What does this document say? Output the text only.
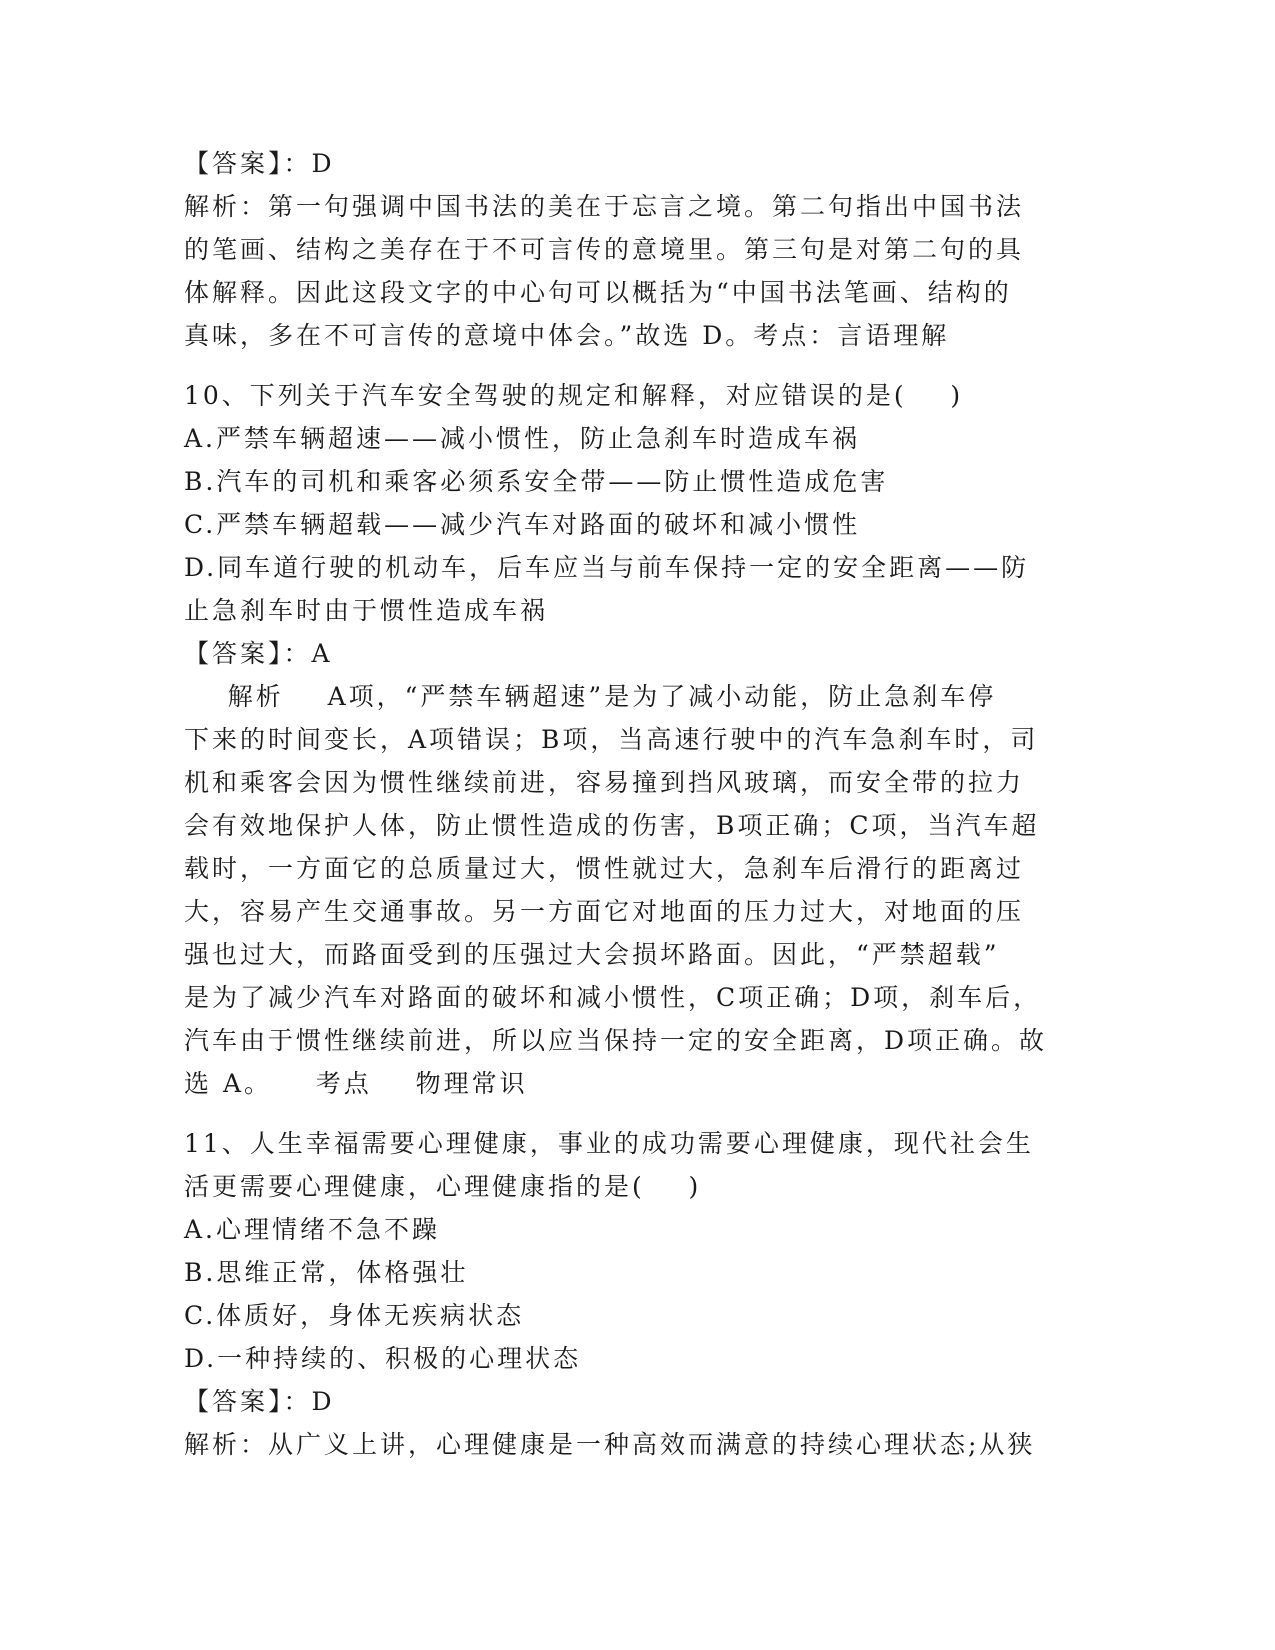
【答案】：D
解析：第一句强调中国书法的美在于忘言之境。第二句指出中国书法
的笔画、结构之美存在于不可言传的意境里。第三句是对第二句的具
体解释。因此这段文字的中心句可以概括为“中国书法笔画、结构的
真味，多在不可言传的意境中体会。”故选 D。考点：言语理解
10、下列关于汽车安全驾驶的规定和解释，对应错误的是(    )
A.严禁车辆超速——减小惯性，防止急刹车时造成车祸
B.汽车的司机和乘客必须系安全带——防止惯性造成危害
C.严禁车辆超载——减少汽车对路面的破坏和减小惯性
D.同车道行驶的机动车，后车应当与前车保持一定的安全距离——防
止急刹车时由于惯性造成车祸
【答案】：A
解析    A项，“严禁车辆超速”是为了减小动能，防止急刹车停
下来的时间变长，A项错误；B项，当高速行驶中的汽车急刹车时，司
机和乘客会因为惯性继续前进，容易撞到挡风玻璃，而安全带的拉力
会有效地保护人体，防止惯性造成的伤害，B项正确；C项，当汽车超
载时，一方面它的总质量过大，惯性就过大，急刹车后滑行的距离过
大，容易产生交通事故。另一方面它对地面的压力过大，对地面的压
强也过大，而路面受到的压强过大会损坏路面。因此，“严禁超载”
是为了减少汽车对路面的破坏和减小惯性，C项正确；D项，刹车后，
汽车由于惯性继续前进，所以应当保持一定的安全距离，D项正确。故
选 A。    考点    物理常识
11、人生幸福需要心理健康，事业的成功需要心理健康，现代社会生
活更需要心理健康，心理健康指的是(    )
A.心理情绪不急不躁
B.思维正常，体格强壮
C.体质好，身体无疾病状态
D.一种持续的、积极的心理状态
【答案】：D
解析：从广义上讲，心理健康是一种高效而满意的持续心理状态;从狭
